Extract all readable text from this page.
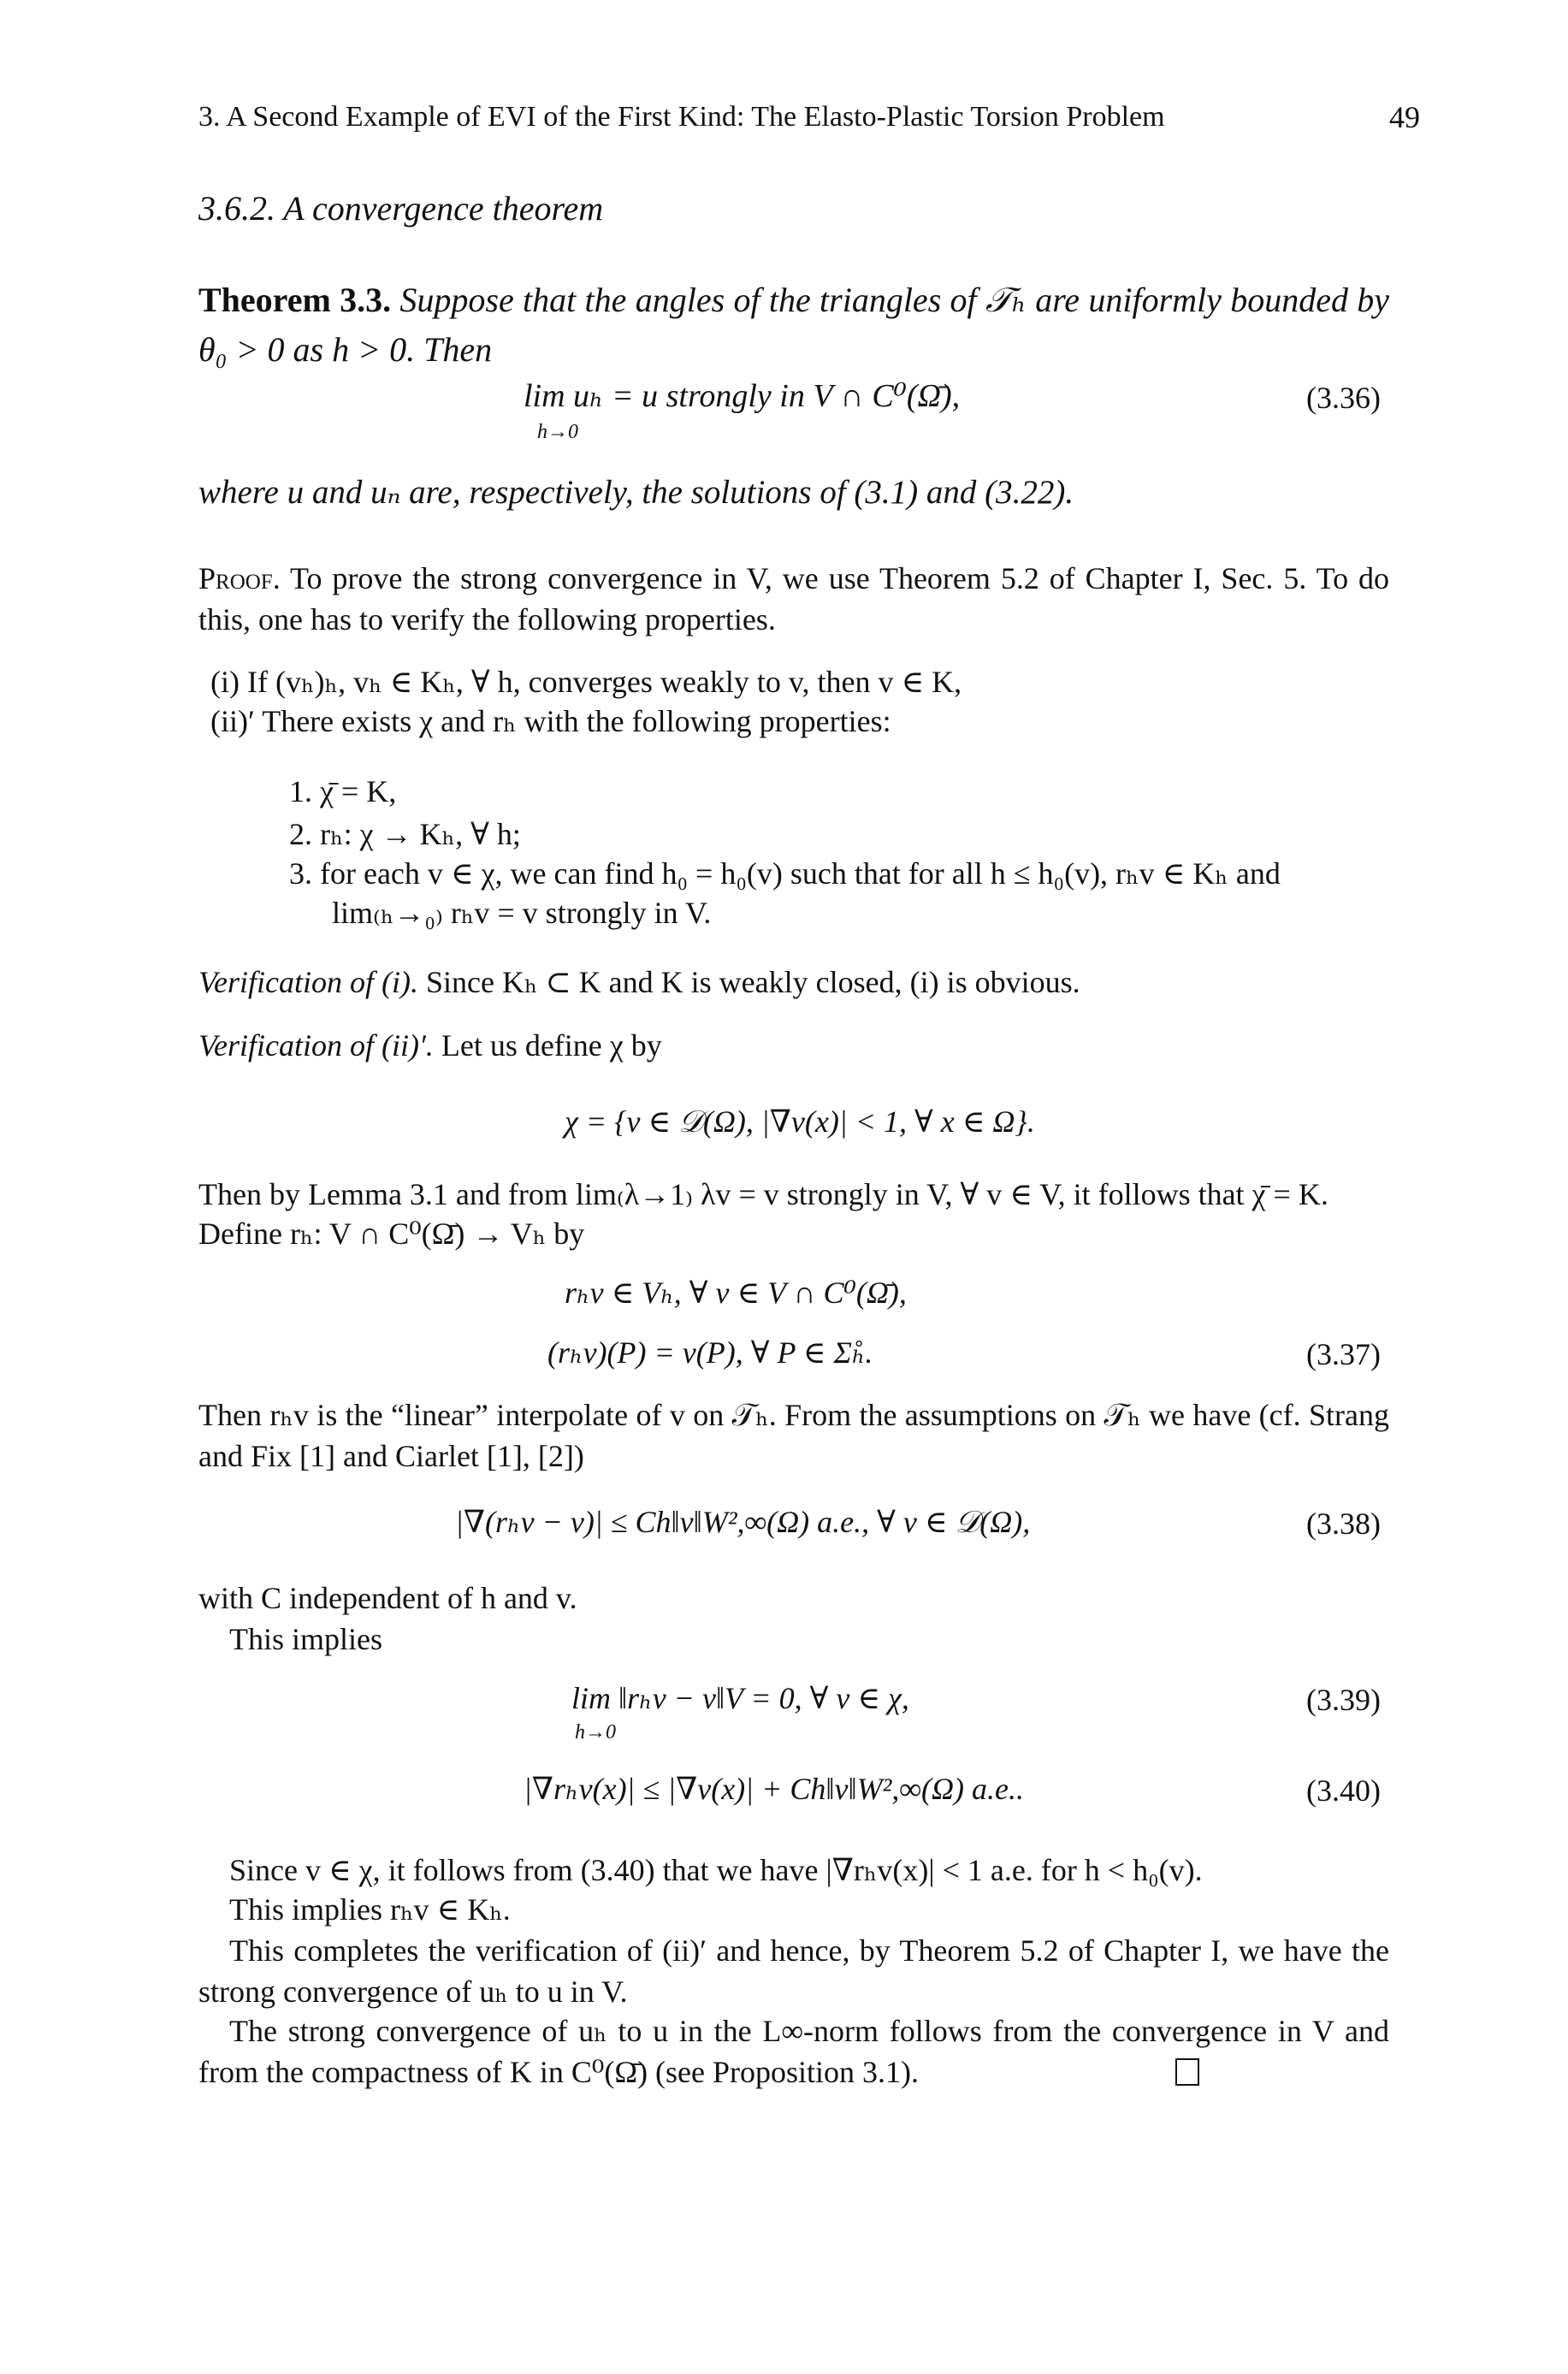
3. A Second Example of EVI of the First Kind: The Elasto-Plastic Torsion Problem	49
3.6.2. A convergence theorem
Theorem 3.3. Suppose that the angles of the triangles of 𝒯ₕ are uniformly bounded by θ₀ > 0 as h > 0. Then
lim uₕ = u strongly in V ∩ C⁰(Ω̄),
h→0
(3.36)
where u and uₙ are, respectively, the solutions of (3.1) and (3.22).
Proof. To prove the strong convergence in V, we use Theorem 5.2 of Chapter I, Sec. 5. To do this, one has to verify the following properties.
(i) If (vₕ)ₕ, vₕ ∈ Kₕ, ∀ h, converges weakly to v, then v ∈ K,
(ii)′ There exists χ and rₕ with the following properties:
1. χ̄ = K,
2. rₕ: χ → Kₕ, ∀ h;
3. for each v ∈ χ, we can find h₀ = h₀(v) such that for all h ≤ h₀(v), rₕv ∈ Kₕ and
lim₍ₕ→₀₎ rₕv = v strongly in V.
Verification of (i). Since Kₕ ⊂ K and K is weakly closed, (i) is obvious.
Verification of (ii)′. Let us define χ by
χ = {v ∈ 𝒟(Ω), |∇v(x)| < 1, ∀ x ∈ Ω}.
Then by Lemma 3.1 and from lim₍λ→1₎ λv = v strongly in V, ∀ v ∈ V, it follows that χ̄ = K.
Define rₕ: V ∩ C⁰(Ω̄) → Vₕ by
rₕv ∈ Vₕ, ∀ v ∈ V ∩ C⁰(Ω̄),
(rₕv)(P) = v(P), ∀ P ∈ Σ̊ₕ.	(3.37)
Then rₕv is the “linear” interpolate of v on 𝒯ₕ. From the assumptions on 𝒯ₕ we have (cf. Strang and Fix [1] and Ciarlet [1], [2])
|∇(rₕv − v)| ≤ Ch‖v‖W²,∞(Ω) a.e., ∀ v ∈ 𝒟(Ω),	(3.38)
with C independent of h and v.
This implies
lim ‖rₕv − v‖V = 0, ∀ v ∈ χ,
h→0
(3.39)
|∇rₕv(x)| ≤ |∇v(x)| + Ch‖v‖W²,∞(Ω) a.e..	(3.40)
Since v ∈ χ, it follows from (3.40) that we have |∇rₕv(x)| < 1 a.e. for h < h₀(v).
This implies rₕv ∈ Kₕ.
This completes the verification of (ii)′ and hence, by Theorem 5.2 of Chapter I, we have the strong convergence of uₕ to u in V.
The strong convergence of uₕ to u in the L∞-norm follows from the convergence in V and from the compactness of K in C⁰(Ω̄) (see Proposition 3.1).
